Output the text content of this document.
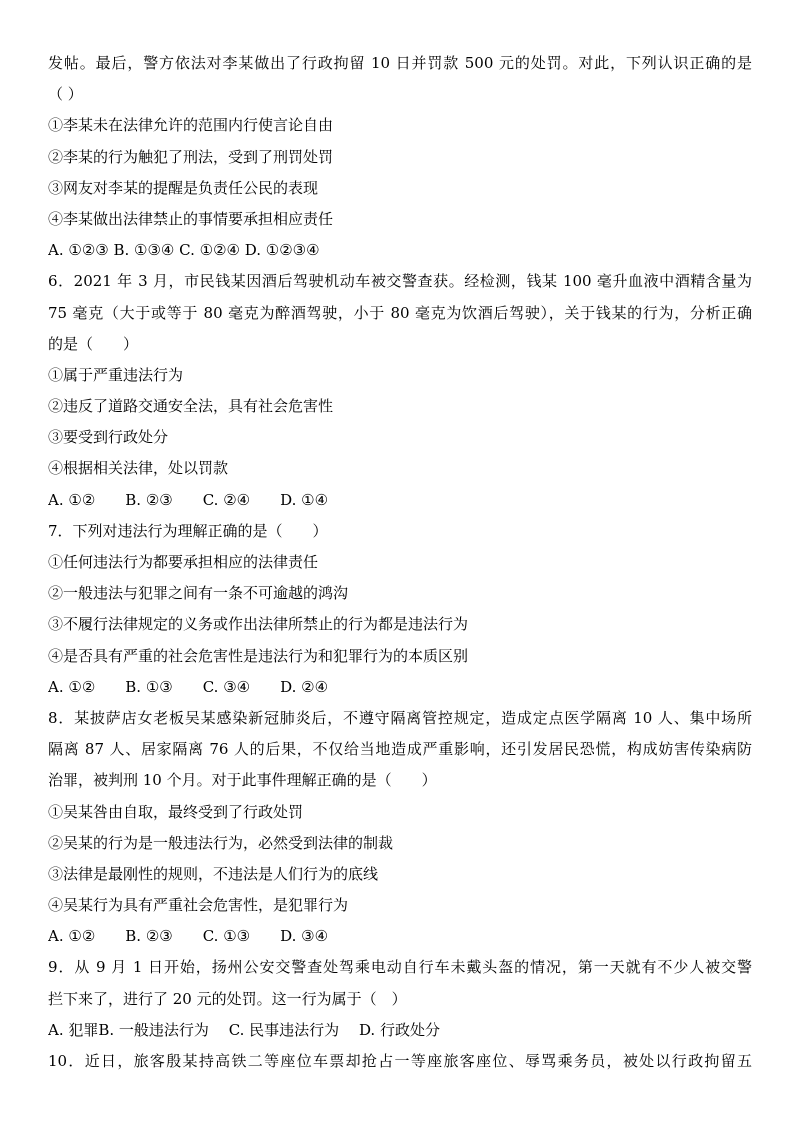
发帖。最后，警方依法对李某做出了行政拘留 10 日并罚款 500 元的处罚。对此，下列认识正确的是
（ ）
①李某未在法律允许的范围内行使言论自由
②李某的行为触犯了刑法，受到了刑罚处罚
③网友对李某的提醒是负责任公民的表现
④李某做出法律禁止的事情要承担相应责任
A. ①②③ B. ①③④ C. ①②④ D. ①②③④
6．2021 年 3 月，市民钱某因酒后驾驶机动车被交警查获。经检测，钱某 100 毫升血液中酒精含量为
75 毫克（大于或等于 80 毫克为醉酒驾驶，小于 80 毫克为饮酒后驾驶），关于钱某的行为，分析正确
的是（　　）
①属于严重违法行为
②违反了道路交通安全法，具有社会危害性
③要受到行政处分
④根据相关法律，处以罚款
A. ①②　　B. ②③　　C. ②④　　D. ①④
7．下列对违法行为理解正确的是（　　）
①任何违法行为都要承担相应的法律责任
②一般违法与犯罪之间有一条不可逾越的鸿沟
③不履行法律规定的义务或作出法律所禁止的行为都是违法行为
④是否具有严重的社会危害性是违法行为和犯罪行为的本质区别
A. ①②　　B. ①③　　C. ③④　　D. ②④
8．某披萨店女老板吴某感染新冠肺炎后，不遵守隔离管控规定，造成定点医学隔离 10 人、集中场所
隔离 87 人、居家隔离 76 人的后果，不仅给当地造成严重影响，还引发居民恐慌，构成妨害传染病防
治罪，被判刑 10 个月。对于此事件理解正确的是（　　）
①吴某咎由自取，最终受到了行政处罚
②吴某的行为是一般违法行为，必然受到法律的制裁
③法律是最刚性的规则，不违法是人们行为的底线
④吴某行为具有严重社会危害性，是犯罪行为
A. ①②　　B. ②③　　C. ①③　　D. ③④
9．从 9 月 1 日开始，扬州公安交警查处驾乘电动自行车未戴头盔的情况，第一天就有不少人被交警
拦下来了，进行了 20 元的处罚。这一行为属于（　）
A. 犯罪B. 一般违法行为　 C. 民事违法行为　 D. 行政处分
10．近日，旅客殷某持高铁二等座位车票却抢占一等座旅客座位、辱骂乘务员，被处以行政拘留五
